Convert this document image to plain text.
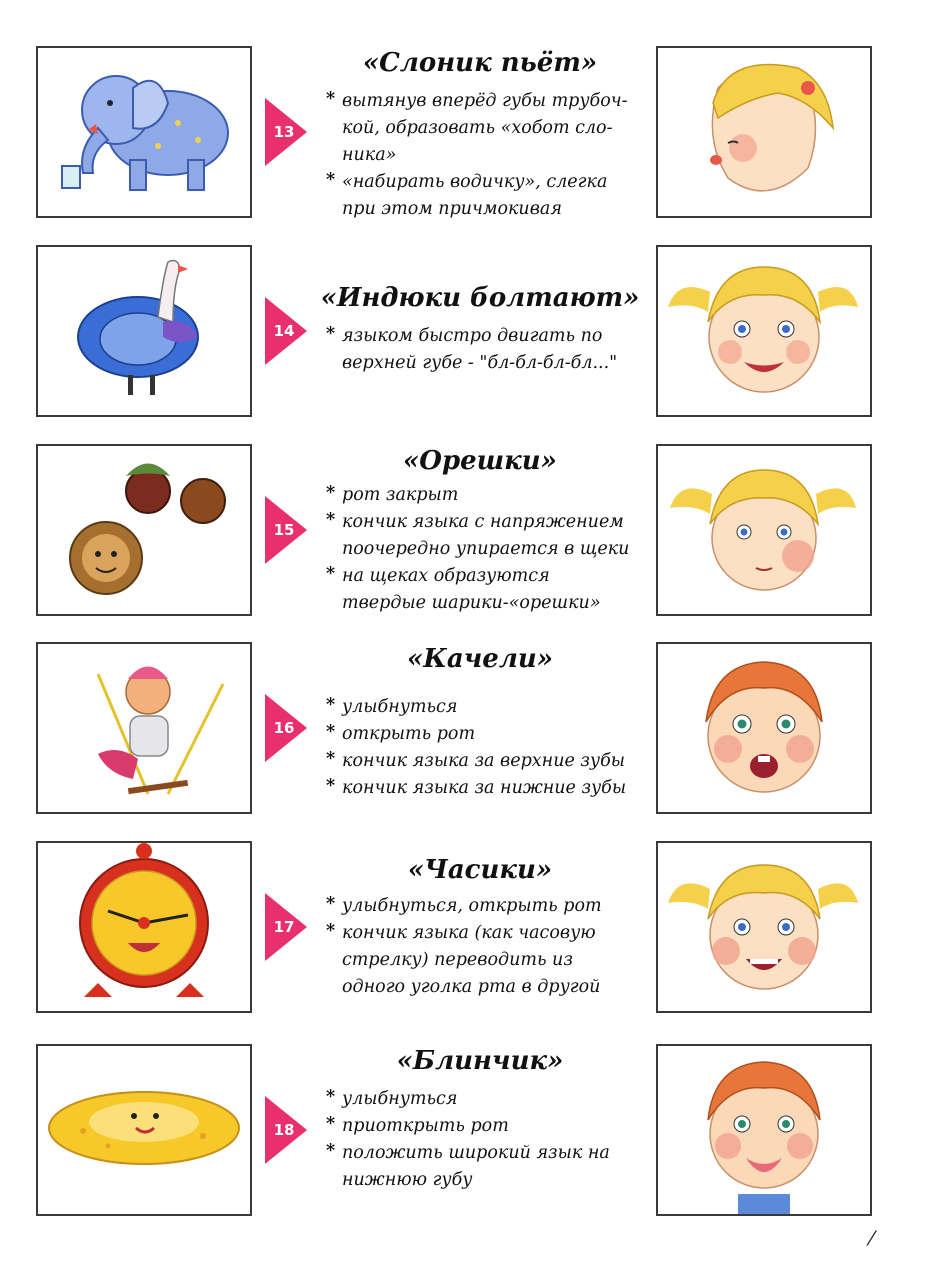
13
«Слоник пьёт»
* вытянув вперёд губы трубоч-
кой, образовать «хобот сло-
ника»
* «набирать водичку», слегка
при этом причмокивая
14
«Индюки болтают»
* языком быстро двигать по
верхней губе - "бл-бл-бл-бл..."
15
«Орешки»
* рот закрыт
* кончик языка с напряжением
поочередно упирается в щеки
* на щеках образуются
твердые шарики-«орешки»
16
«Качели»
* улыбнуться
* открыть рот
* кончик языка за верхние зубы
* кончик языка за нижние зубы
17
«Часики»
* улыбнуться, открыть рот
* кончик языка (как часовую
стрелку) переводить из
одного уголка рта в другой
18
«Блинчик»
* улыбнуться
* приоткрыть рот
* положить широкий язык на
нижнюю губу
⁄
